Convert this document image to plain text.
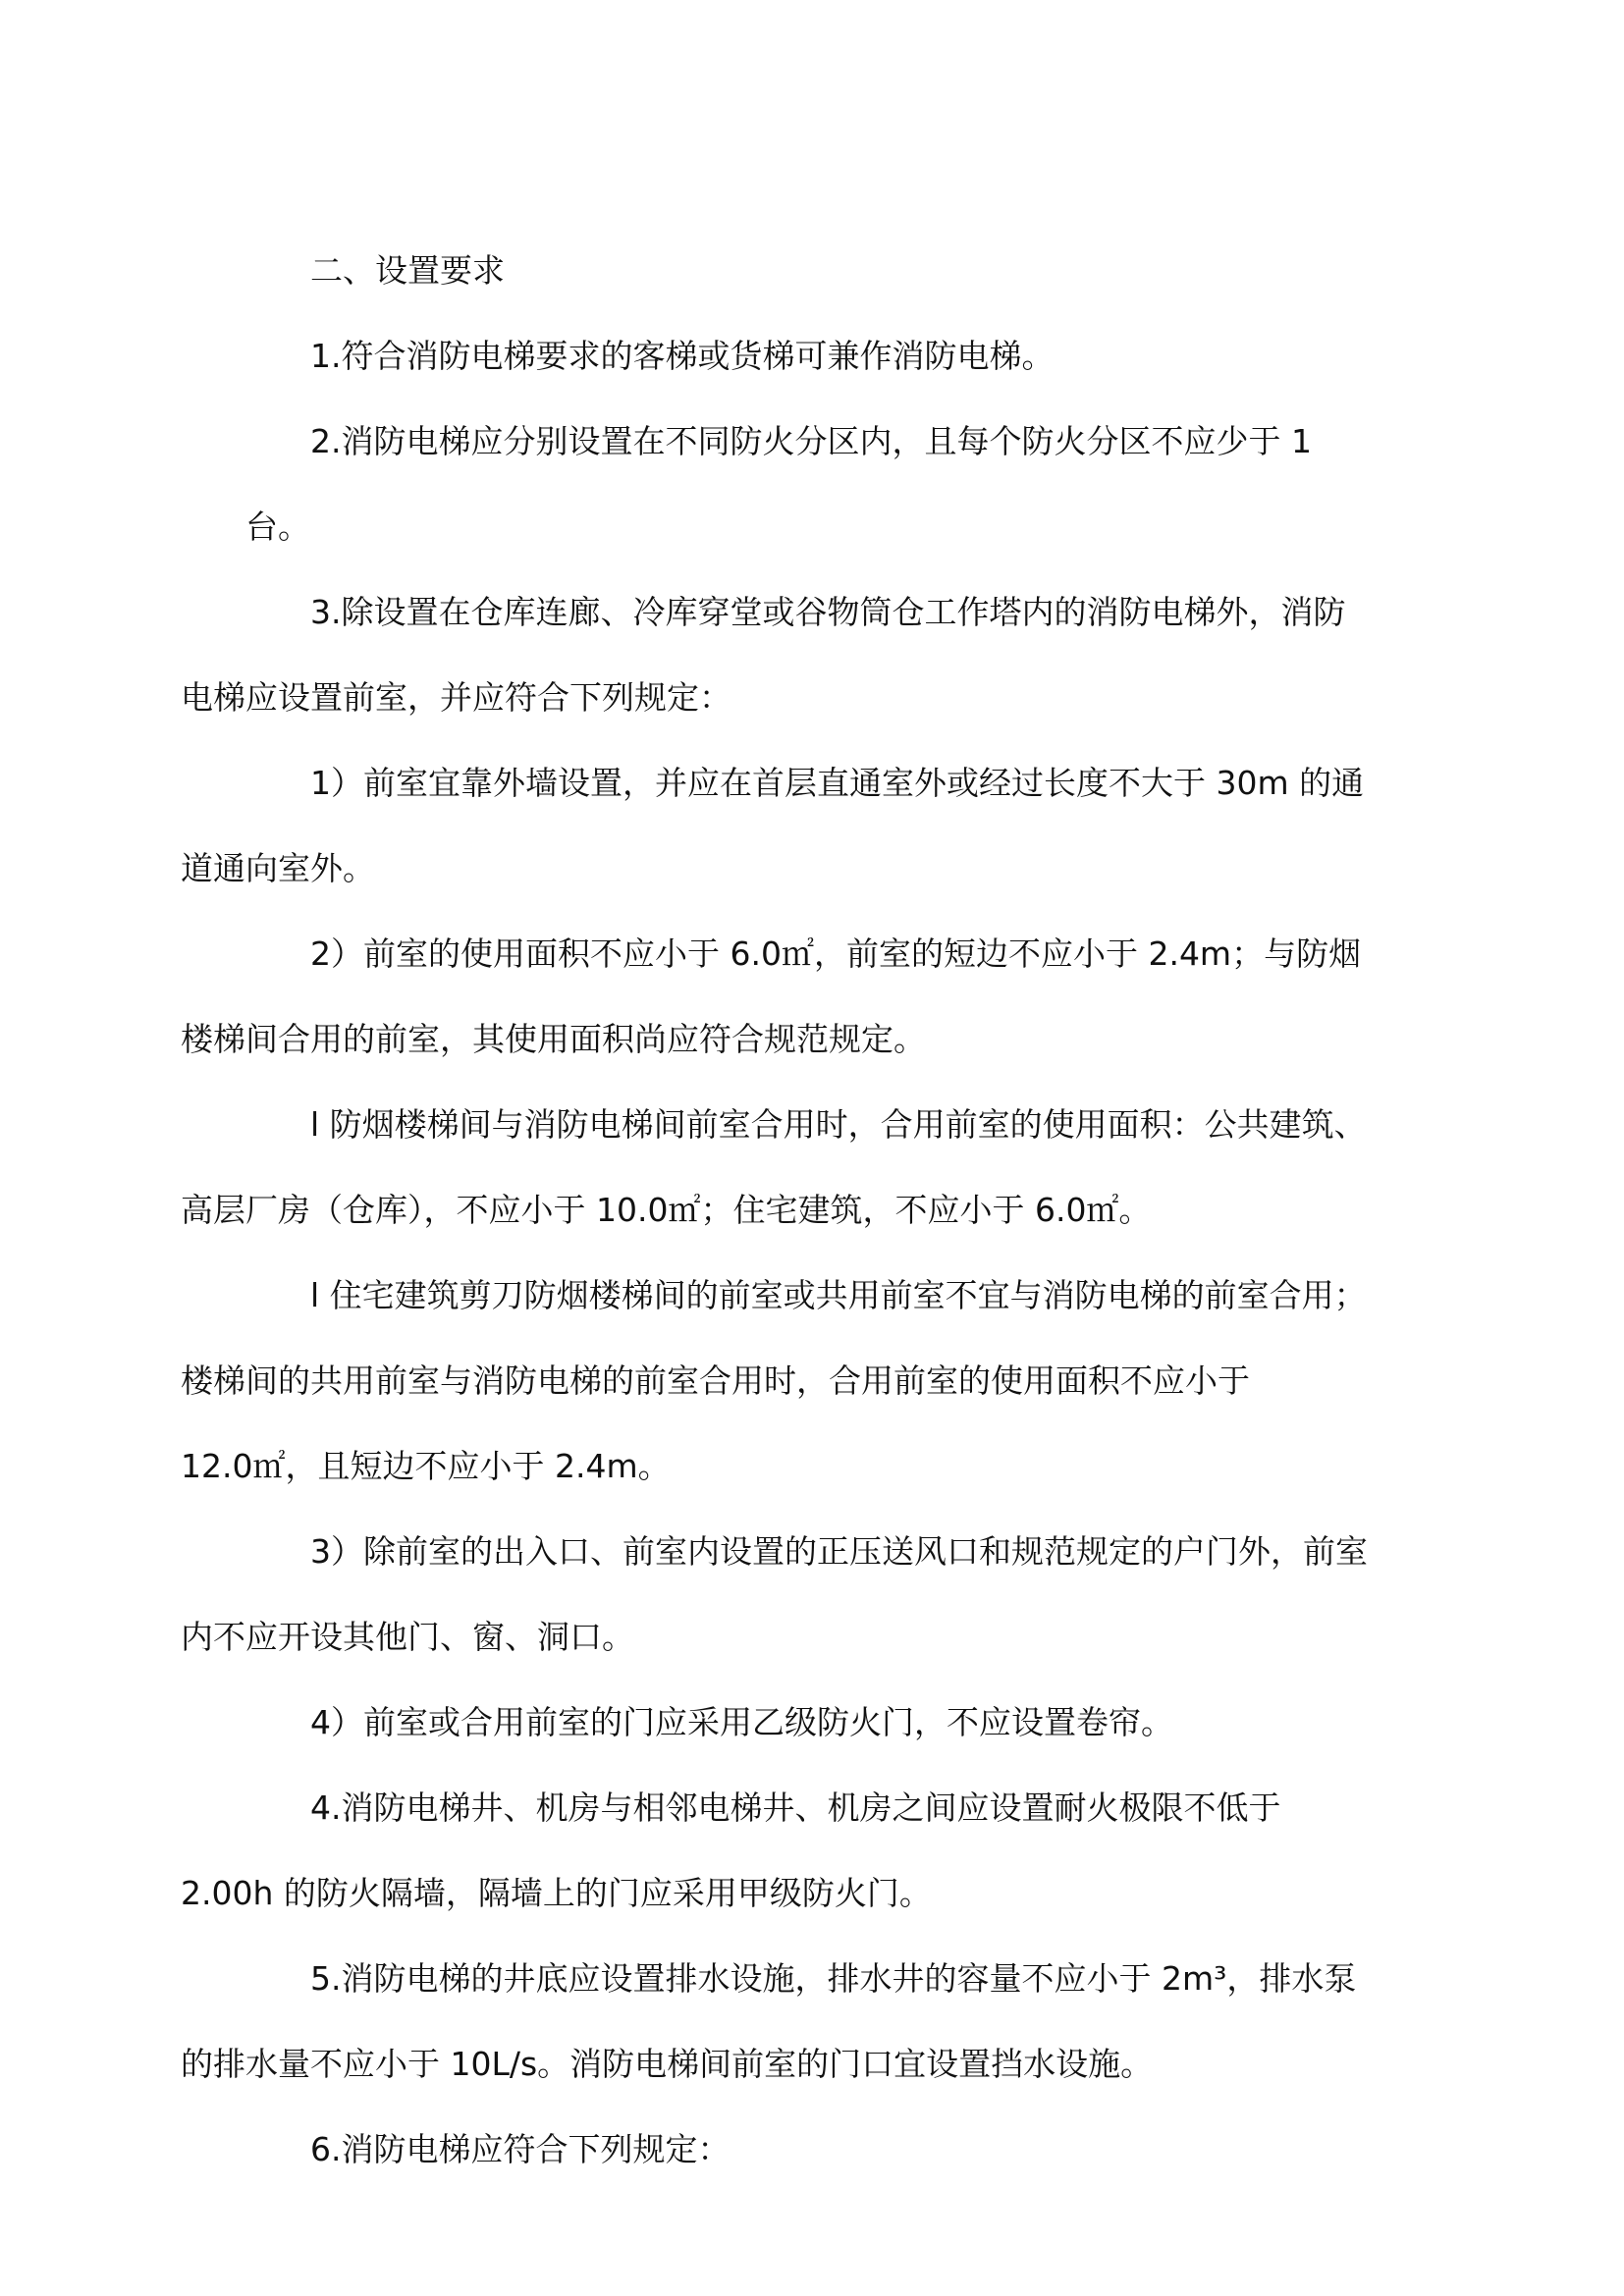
二、设置要求

1.符合消防电梯要求的客梯或货梯可兼作消防电梯。

2.消防电梯应分别设置在不同防火分区内，且每个防火分区不应少于 1 台。

3.除设置在仓库连廊、冷库穿堂或谷物筒仓工作塔内的消防电梯外，消防
电梯应设置前室，并应符合下列规定：

1）前室宜靠外墙设置，并应在首层直通室外或经过长度不大于 30m 的通
道通向室外。

2）前室的使用面积不应小于 6.0㎡，前室的短边不应小于 2.4m；与防烟
楼梯间合用的前室，其使用面积尚应符合规范规定。

l 防烟楼梯间与消防电梯间前室合用时，合用前室的使用面积：公共建筑、
高层厂房（仓库），不应小于 10.0㎡；住宅建筑，不应小于 6.0㎡。

l 住宅建筑剪刀防烟楼梯间的前室或共用前室不宜与消防电梯的前室合用；
楼梯间的共用前室与消防电梯的前室合用时，合用前室的使用面积不应小于
12.0㎡，且短边不应小于 2.4m。

3）除前室的出入口、前室内设置的正压送风口和规范规定的户门外，前室
内不应开设其他门、窗、洞口。

4）前室或合用前室的门应采用乙级防火门，不应设置卷帘。

4.消防电梯井、机房与相邻电梯井、机房之间应设置耐火极限不低于
2.00h 的防火隔墙，隔墙上的门应采用甲级防火门。

5.消防电梯的井底应设置排水设施，排水井的容量不应小于 2m³，排水泵
的排水量不应小于 10L/s。消防电梯间前室的门口宜设置挡水设施。

6.消防电梯应符合下列规定：
